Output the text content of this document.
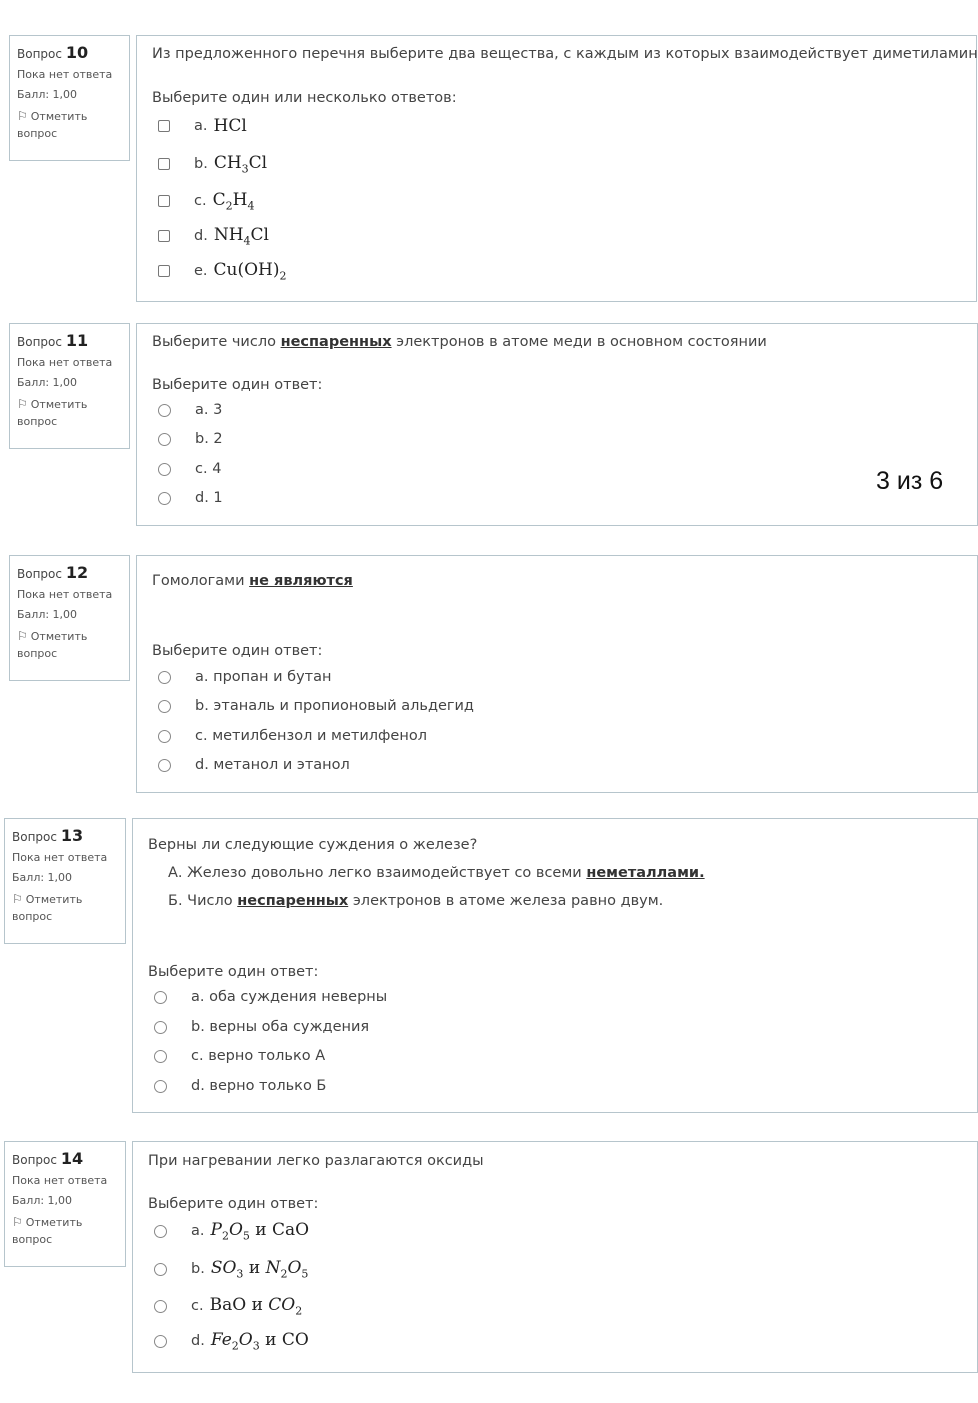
Вопрос 10
Пока нет ответа
Балл: 1,00
⚐ Отметить
вопрос
Из предложенного перечня выберите два вещества, с каждым из которых взаимодействует диметиламин
Выберите один или несколько ответов:
a. HCl
b. $CH_3Cl$
c. $C_2H_4$
d. $NH_4Cl$
e. $Cu(OH)_2$
Вопрос 11
Пока нет ответа
Балл: 1,00
⚐ Отметить
вопрос
Выберите число неспаренных электронов в атоме меди в основном состоянии
Выберите один ответ:
a. 3
b. 2
c. 4
d. 1
3 из 6
Вопрос 12
Пока нет ответа
Балл: 1,00
⚐ Отметить
вопрос
Гомологами не являются
Выберите один ответ:
a. пропан и бутан
b. этаналь и пропионовый альдегид
c. метилбензол и метилфенол
d. метанол и этанол
Вопрос 13
Пока нет ответа
Балл: 1,00
⚐ Отметить
вопрос
Верны ли следующие суждения о железе?
А. Железо довольно легко взаимодействует со всеми неметаллами.
Б. Число неспаренных электронов в атоме железа равно двум.
Выберите один ответ:
a. оба суждения неверны
b. верны оба суждения
c. верно только А
d. верно только Б
Вопрос 14
Пока нет ответа
Балл: 1,00
⚐ Отметить
вопрос
При нагревании легко разлагаются оксиды
Выберите один ответ:
a. $P_2O_5$ и CaO
b. $SO_3$ и $N_2O_5$
c. BaO и $CO_2$
d. $Fe_2O_3$ и CO
